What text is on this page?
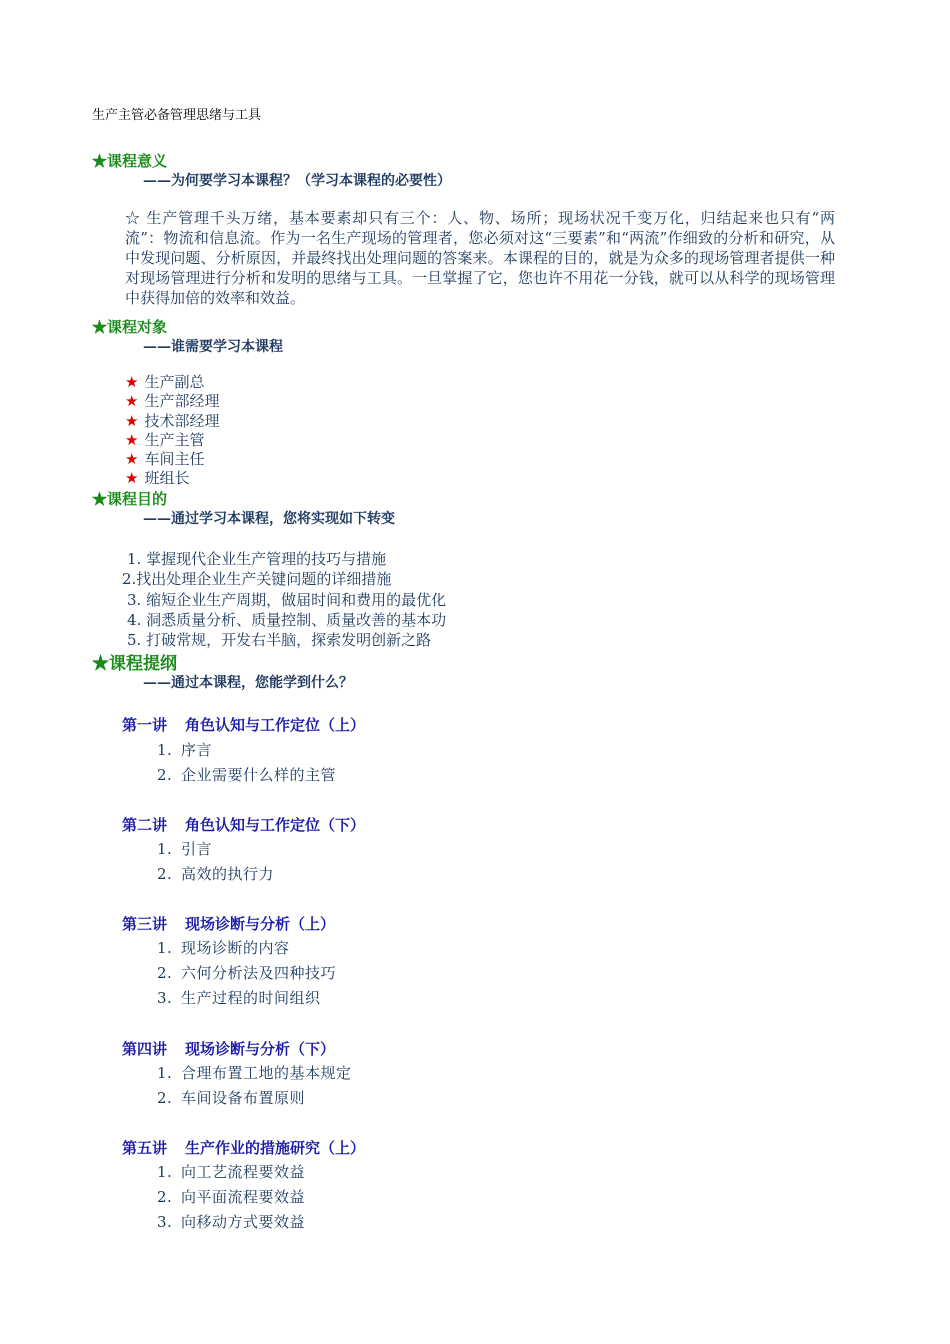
生产主管必备管理思绪与工具
★课程意义
——为何要学习本课程？（学习本课程的必要性）
☆ 生产管理千头万绪，基本要素却只有三个：人、物、场所；现场状况千变万化，归结起来也只有“两流”：物流和信息流。作为一名生产现场的管理者，您必须对这“三要素”和“两流”作细致的分析和研究，从中发现问题、分析原因，并最终找出处理问题的答案来。本课程的目的，就是为众多的现场管理者提供一种对现场管理进行分析和发明的思绪与工具。一旦掌握了它，您也许不用花一分钱，就可以从科学的现场管理中获得加倍的效率和效益。
★课程对象
——谁需要学习本课程
★ 生产副总
★ 生产部经理
★ 技术部经理
★ 生产主管
★ 车间主任
★ 班组长
★课程目的
——通过学习本课程，您将实现如下转变
1. 掌握现代企业生产管理的技巧与措施
2.找出处理企业生产关键问题的详细措施
3. 缩短企业生产周期，做届时间和费用的最优化
4. 洞悉质量分析、质量控制、质量改善的基本功
5. 打破常规，开发右半脑，探索发明创新之路
★课程提纲
——通过本课程，您能学到什么？
第一讲 角色认知与工作定位（上）
1. 序言
2. 企业需要什么样的主管
第二讲 角色认知与工作定位（下）
1. 引言
2. 高效的执行力
第三讲 现场诊断与分析（上）
1. 现场诊断的内容
2. 六何分析法及四种技巧
3. 生产过程的时间组织
第四讲 现场诊断与分析（下）
1. 合理布置工地的基本规定
2. 车间设备布置原则
第五讲 生产作业的措施研究（上）
1. 向工艺流程要效益
2. 向平面流程要效益
3. 向移动方式要效益
